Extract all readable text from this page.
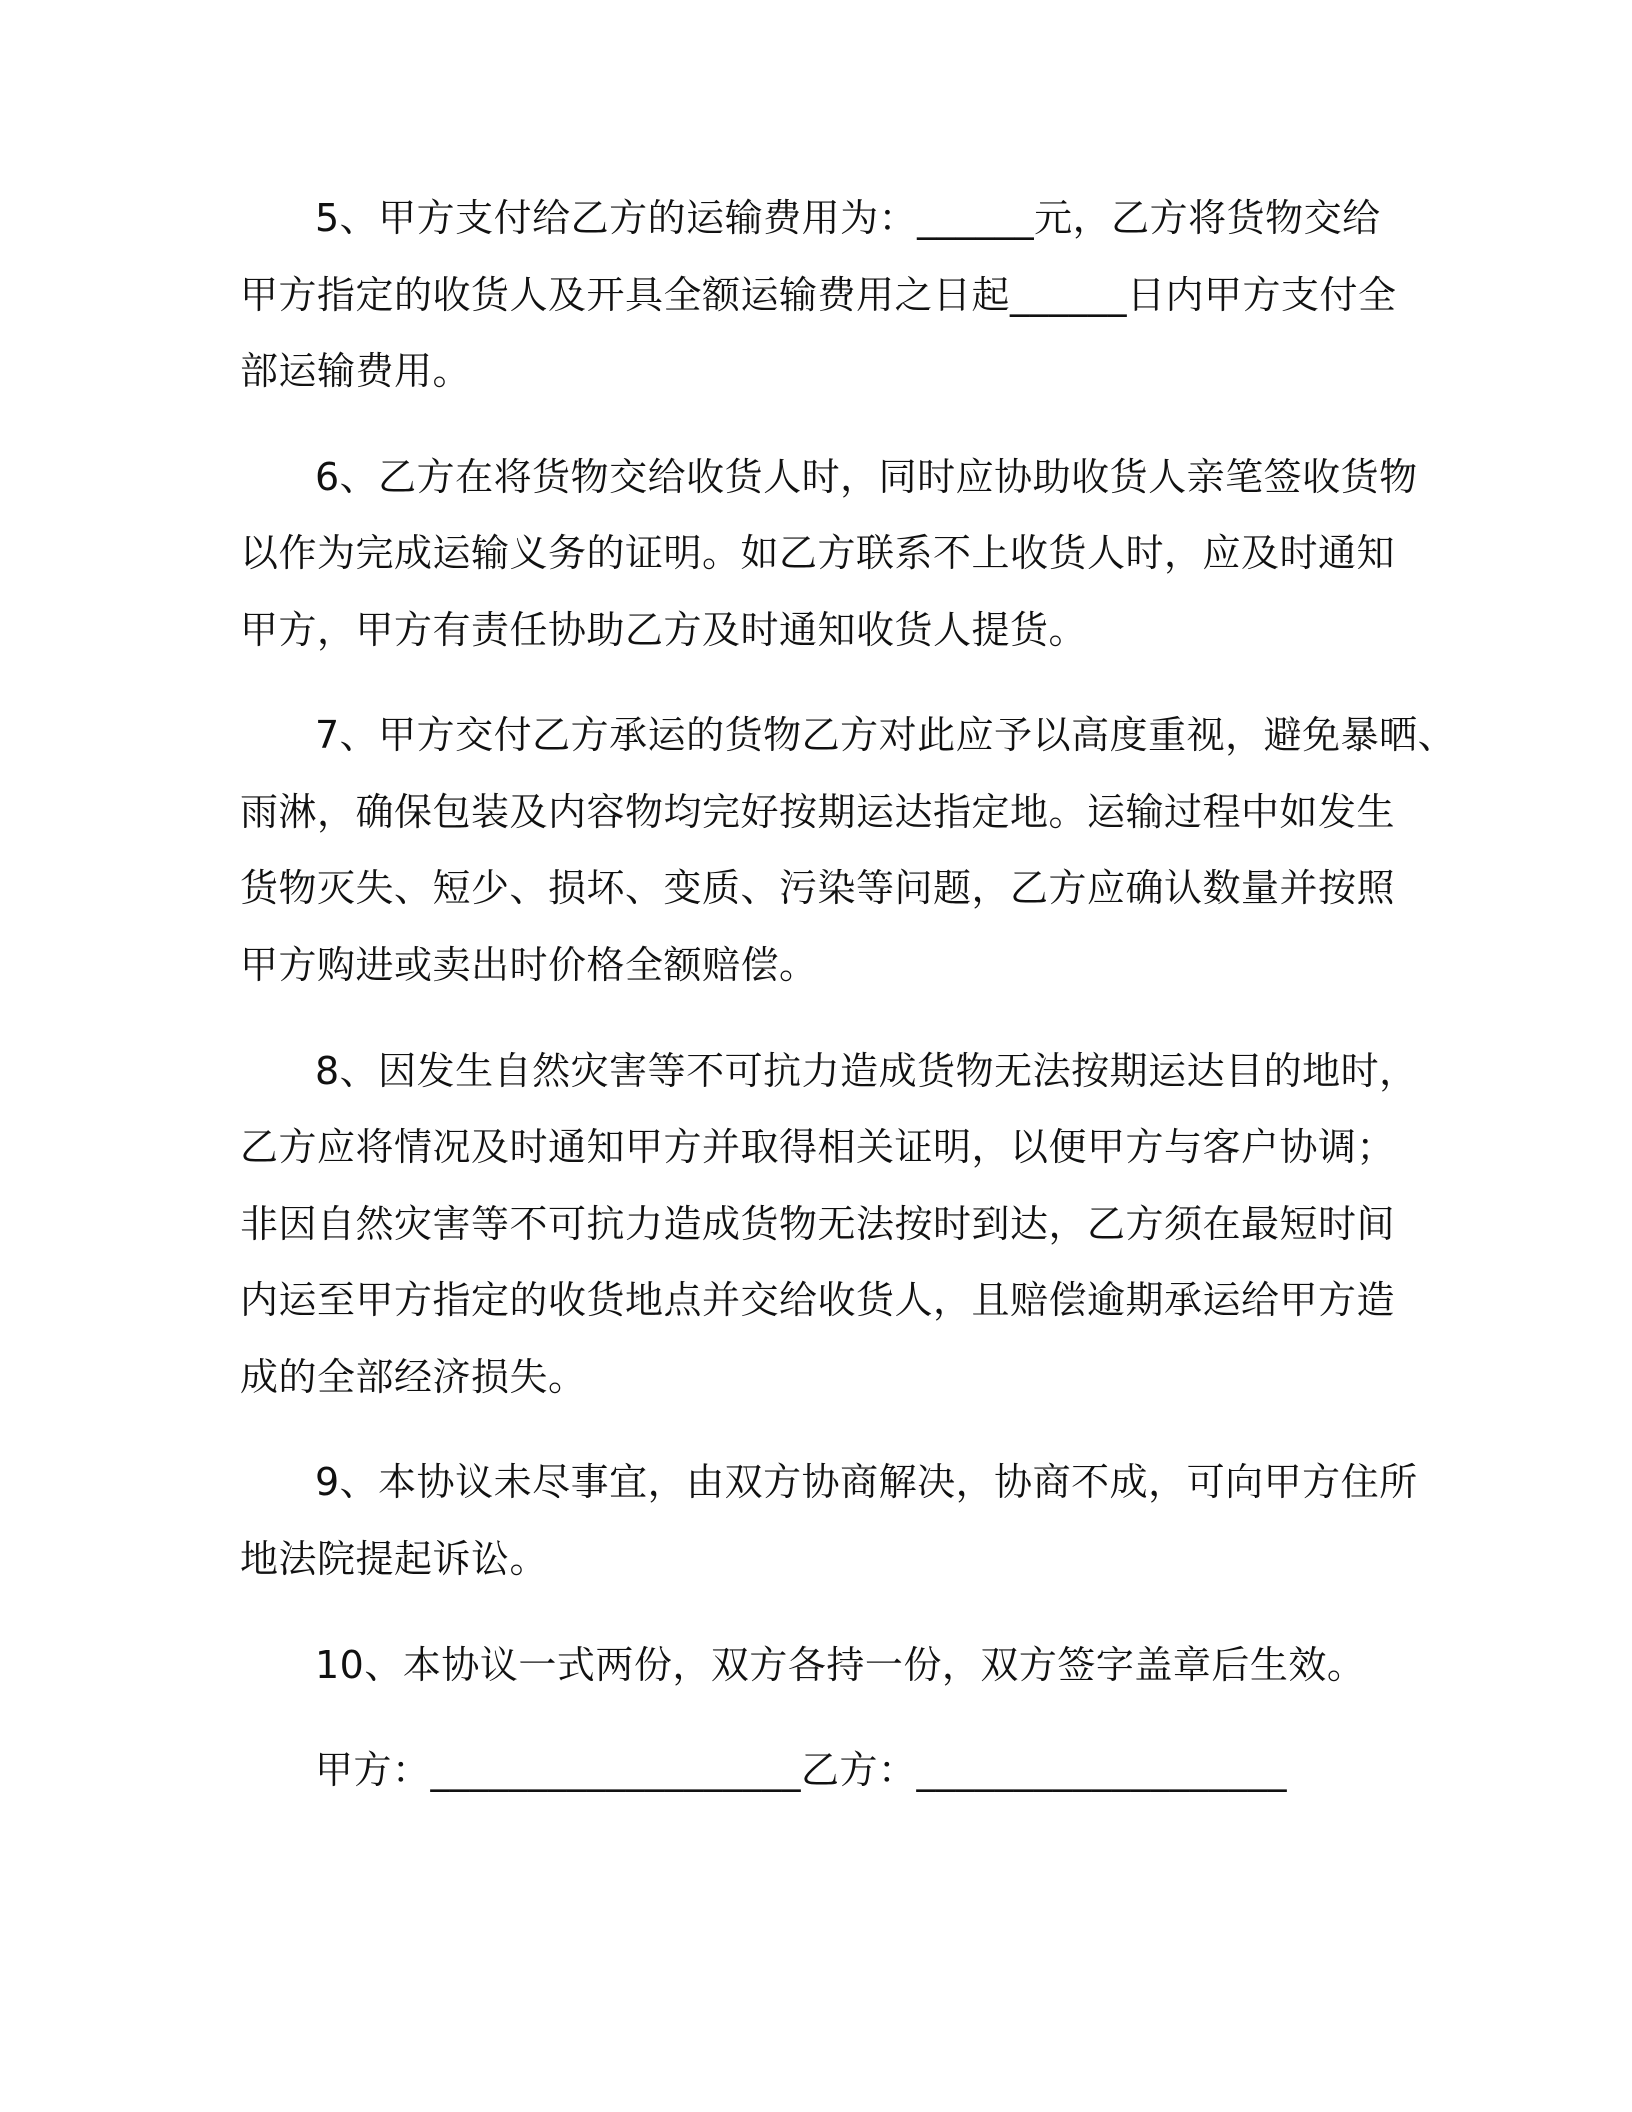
5、甲方支付给乙方的运输费用为：______元，乙方将货物交给
甲方指定的收货人及开具全额运输费用之日起______日内甲方支付全
部运输费用。
6、乙方在将货物交给收货人时，同时应协助收货人亲笔签收货物
以作为完成运输义务的证明。如乙方联系不上收货人时，应及时通知
甲方，甲方有责任协助乙方及时通知收货人提货。
7、甲方交付乙方承运的货物乙方对此应予以高度重视，避免暴晒、
雨淋，确保包装及内容物均完好按期运达指定地。运输过程中如发生
货物灭失、短少、损坏、变质、污染等问题，乙方应确认数量并按照
甲方购进或卖出时价格全额赔偿。
8、因发生自然灾害等不可抗力造成货物无法按期运达目的地时，
乙方应将情况及时通知甲方并取得相关证明，以便甲方与客户协调；
非因自然灾害等不可抗力造成货物无法按时到达，乙方须在最短时间
内运至甲方指定的收货地点并交给收货人，且赔偿逾期承运给甲方造
成的全部经济损失。
9、本协议未尽事宜，由双方协商解决，协商不成，可向甲方住所
地法院提起诉讼。
10、本协议一式两份，双方各持一份，双方签字盖章后生效。
甲方：___________________乙方：___________________
